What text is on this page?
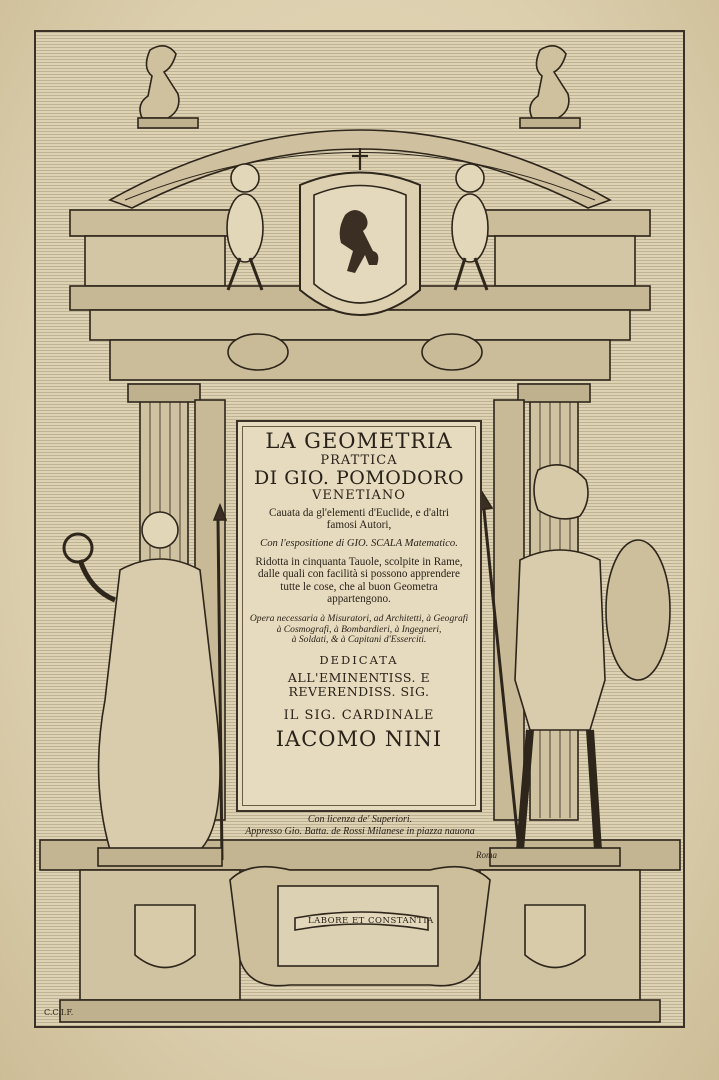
LA GEOMETRIA
PRATTICA
DI GIO. POMODORO
VENETIANO
Cauata da gl'elementi d'Euclide, e d'altri
famosi Autori,
Con l'espositione di GIO. SCALA Matematico.
Ridotta in cinquanta Tauole, scolpite in Rame,
dalle quali con facilità si possono apprendere
tutte le cose, che al buon Geometra
appartengono.
Opera necessaria à Misuratori, ad Architetti, à Geografi
à Cosmografi, à Bombardieri, à Ingegneri,
à Soldati, & à Capitani d'Esserciti.
DEDICATA
ALL'EMINENTISS. E REVERENDISS. SIG.
IL SIG. CARDINALE
IACOMO NINI
Con licenza de' Superiori.
Appresso Gio. Batta. de Rossi Milanese in piazza nauona
Roma
LABORE ET CONSTANTIA
C.C.I.F.
